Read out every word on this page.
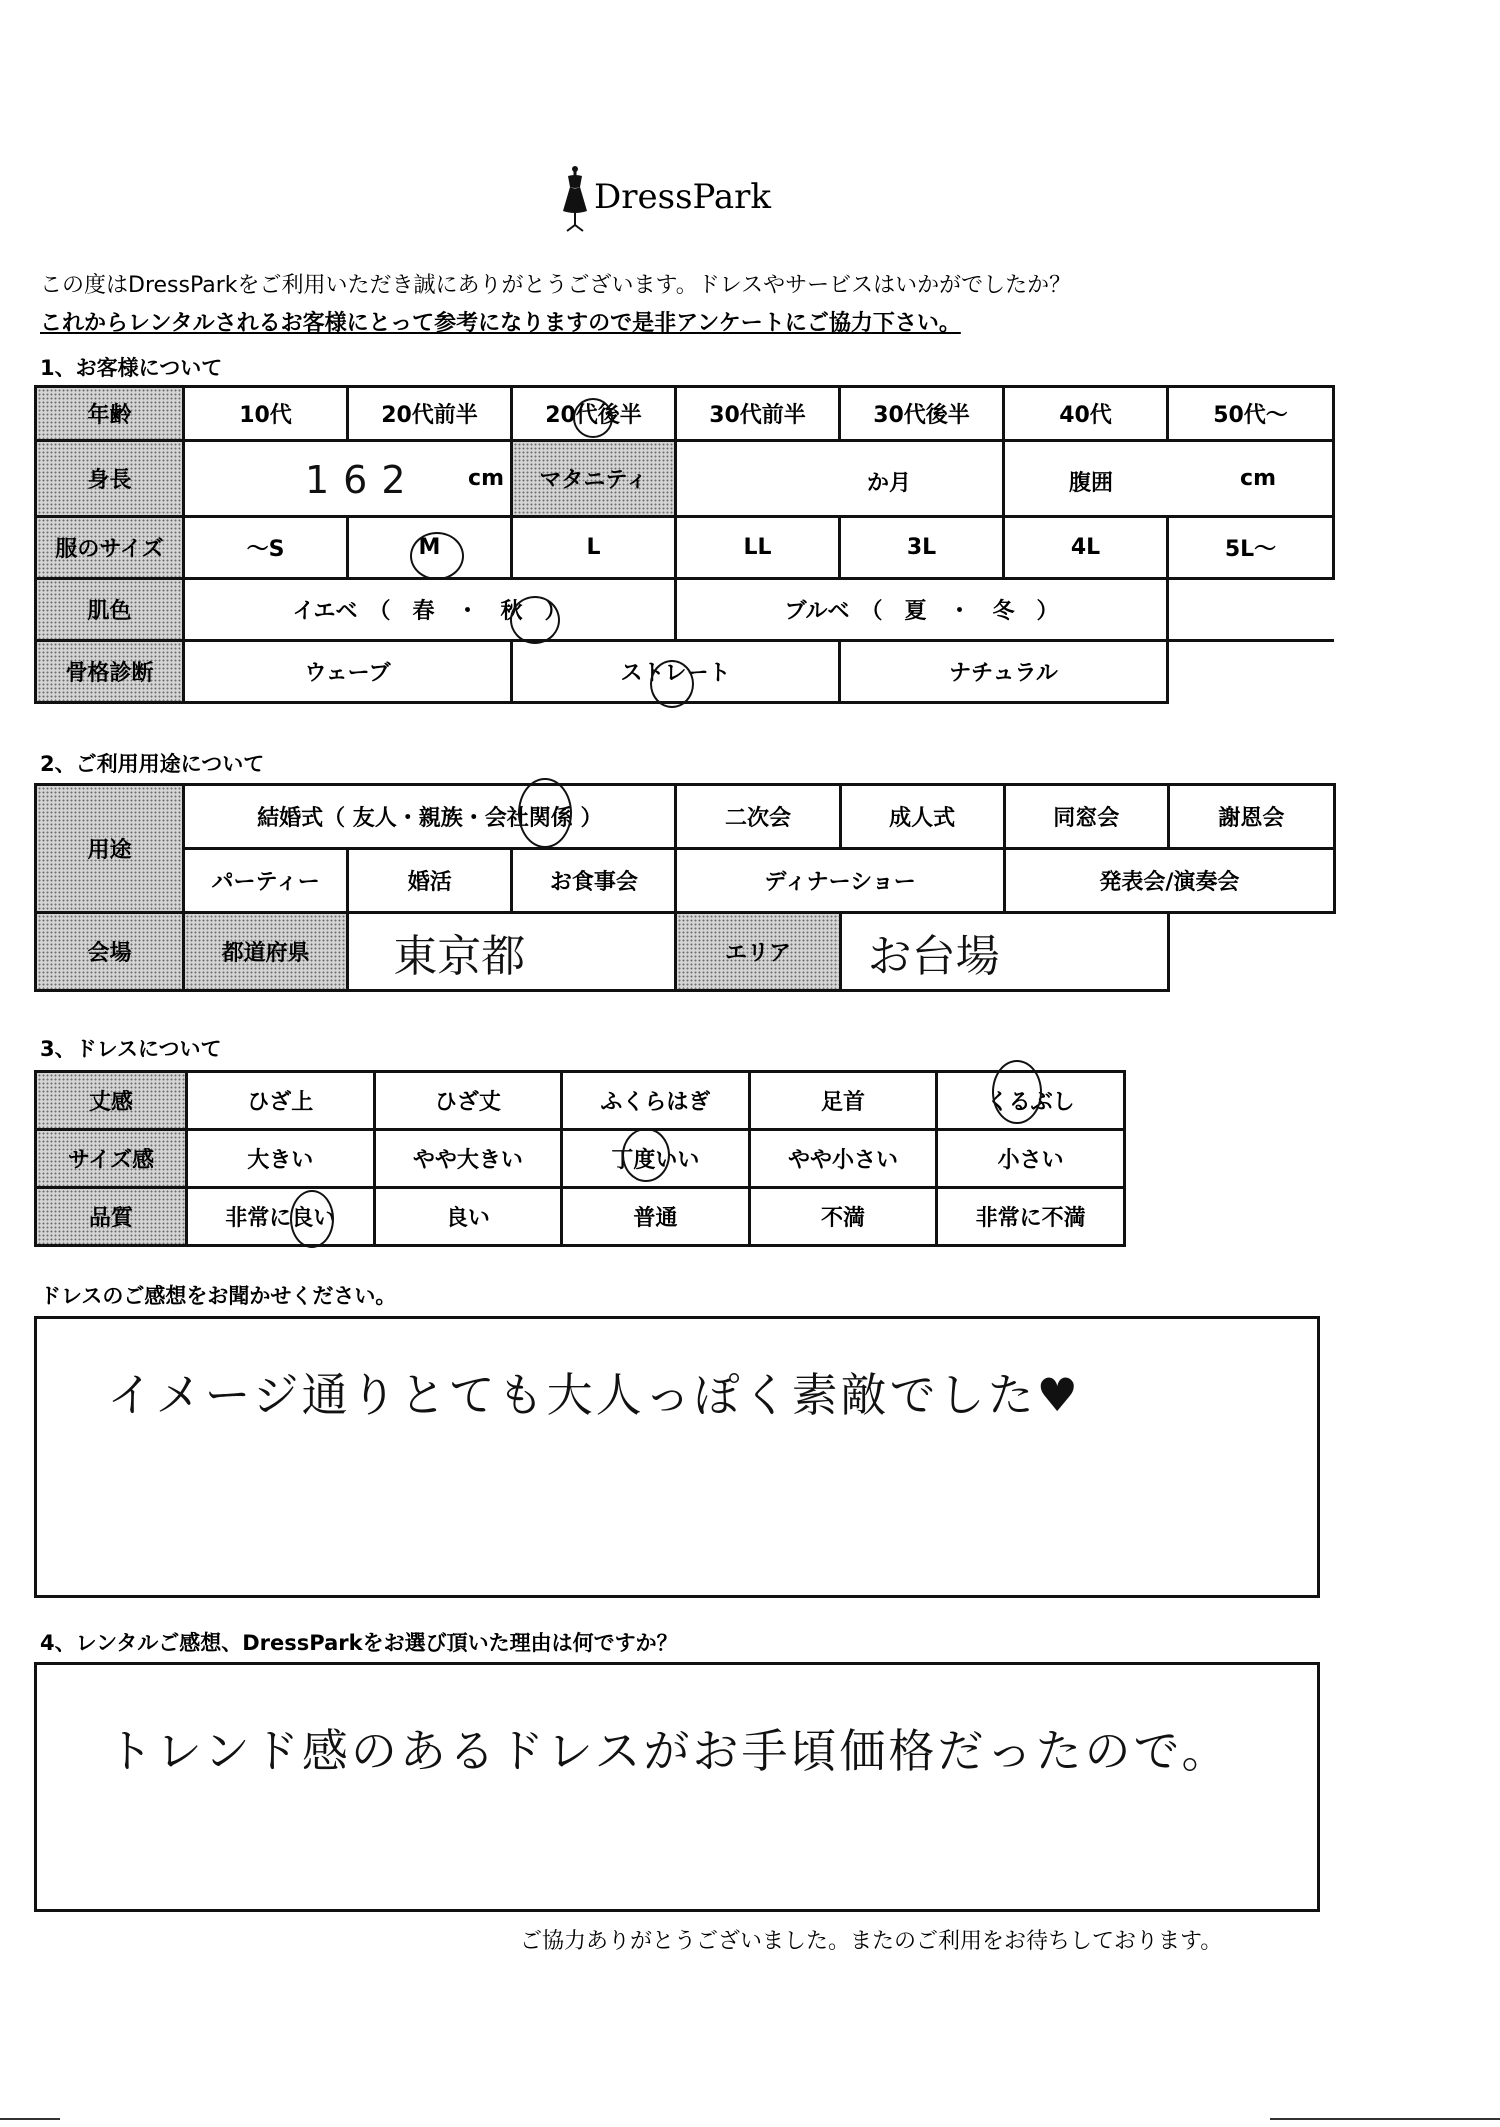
DressPark
この度はDressParkをご利用いただき誠にありがとうございます。ドレスやサービスはいかがでしたか？
これからレンタルされるお客様にとって参考になりますので是非アンケートにご協力下さい。
1、お客様について
年齢	10代	20代前半	20代後半	30代前半	30代後半	40代	50代～
身長	162 cm		マタニティ	か月		腹囲 cm	

服のサイズ	～S	M	L	LL	3L	4L	5L～
肌色	イエベ　（　春　・　秋　）			ブルベ　（　夏　・　冬　）			
骨格診断	ウェーブ		ストレート		ナチュラル		
2、ご利用用途について
用途	結婚式（ 友人・親族・会社関係 ）			二次会	成人式	同窓会	謝恩会
	パーティー	婚活	お食事会	ディナーショー		発表会/演奏会	
会場	都道府県	東京都		エリア	お台場		
3、ドレスについて
丈感	ひざ上	ひざ丈	ふくらはぎ	足首	くるぶし
サイズ感	大きい	やや大きい	丁度いい	やや小さい	小さい
品質	非常に良い	良い	普通	不満	非常に不満
ドレスのご感想をお聞かせください。
イメージ通りとても大人っぽく素敵でした♥
4、レンタルご感想、DressParkをお選び頂いた理由は何ですか？
トレンド感のあるドレスがお手頃価格だったので。
ご協力ありがとうございました。またのご利用をお待ちしております。
